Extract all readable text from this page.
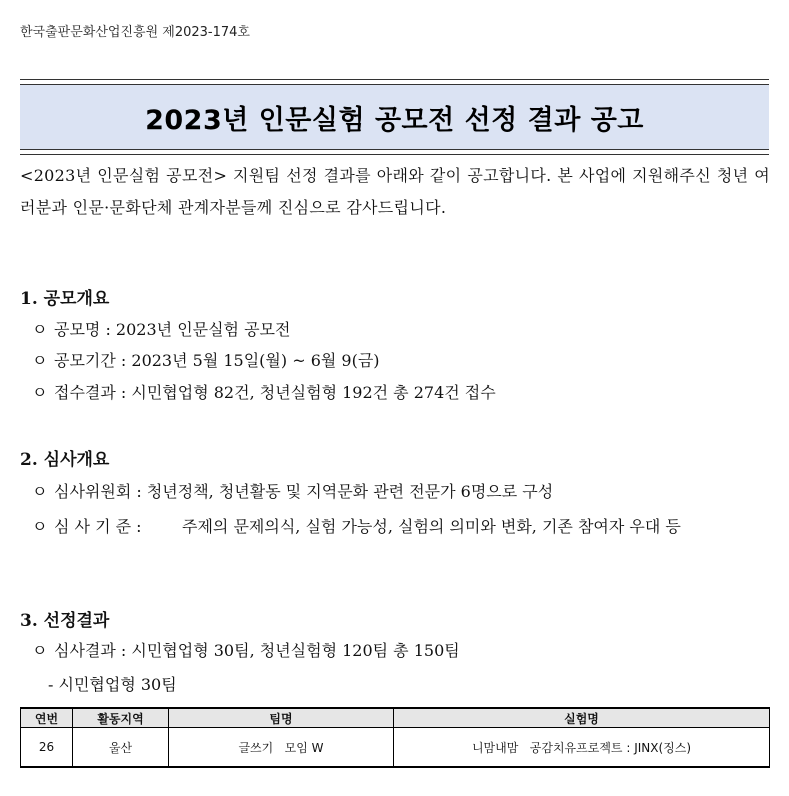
한국출판문화산업진흥원 제2023-174호
2023년 인문실험 공모전 선정 결과 공고
<2023년 인문실험 공모전> 지원팀 선정 결과를 아래와 같이 공고합니다. 본 사업에 지원해주신 청년 여러분과 인문·문화단체 관계자분들께 진심으로 감사드립니다.
1. 공모개요
ㅇ 공모명 : 2023년 인문실험 공모전
ㅇ 공모기간 : 2023년 5월 15일(월) ~ 6월 9(금)
ㅇ 접수결과 : 시민협업형 82건, 청년실험형 192건 총 274건 접수
2. 심사개요
ㅇ 심사위원회 : 청년정책, 청년활동 및 지역문화 관련 전문가 6명으로 구성
ㅇ 심 사 기 준 :	주제의 문제의식, 실험 가능성, 실험의 의미와 변화, 기존 참여자 우대 등
3. 선정결과
ㅇ 심사결과 : 시민협업형 30팀, 청년실험형 120팀 총 150팀
- 시민협업형 30팀
연번	활동지역	팀명	실험명
26	울산	글쓰기   모임 W	니맘내맘   공감치유프로젝트 : JINX(징스)
